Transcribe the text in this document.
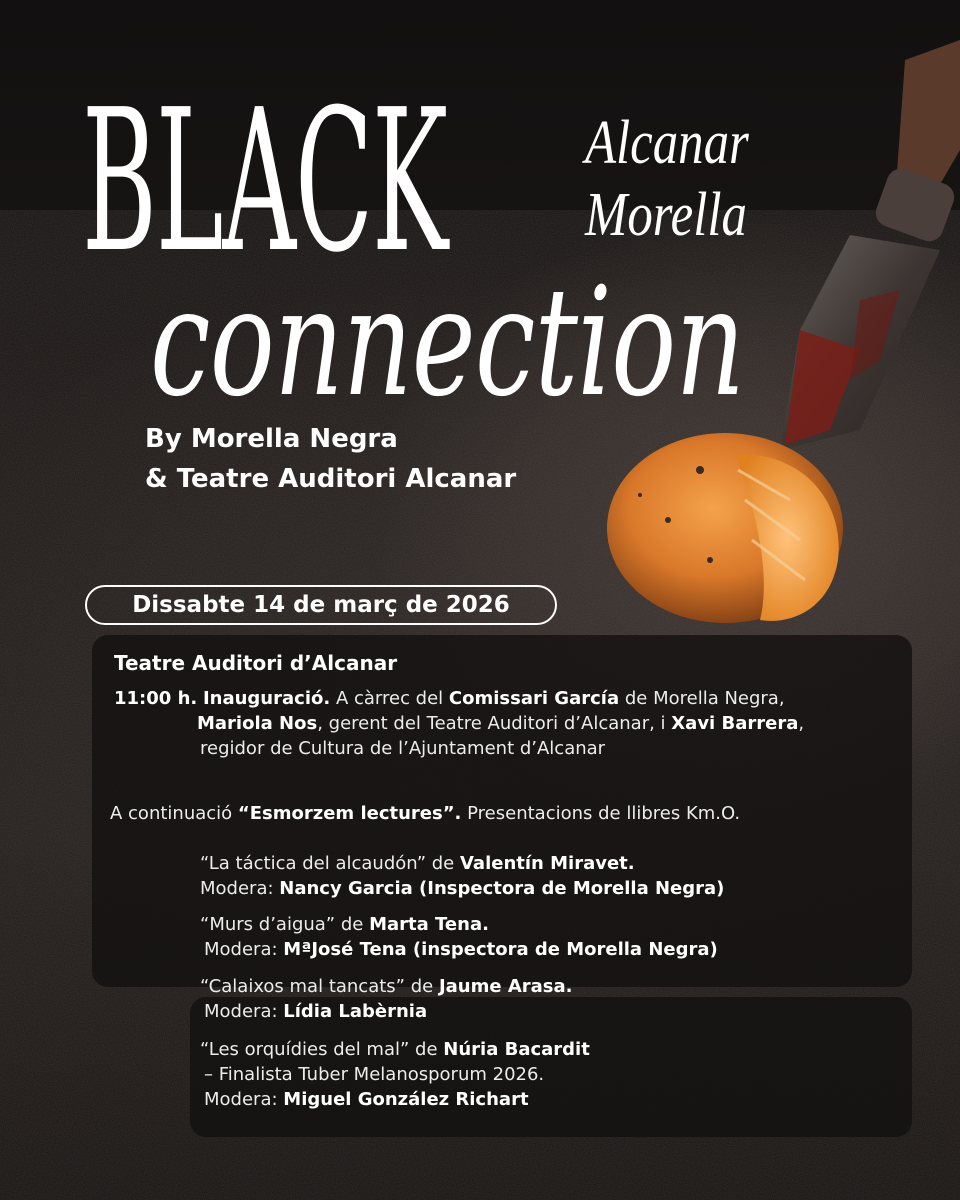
BLACK Alcanar
Morella
connection
By Morella Negra
& Teatre Auditori Alcanar
Dissabte 14 de març de 2026
Teatre Auditori d’Alcanar
11:00 h. Inauguració. A càrrec del Comissari García de Morella Negra,
Mariola Nos, gerent del Teatre Auditori d’Alcanar, i Xavi Barrera,
regidor de Cultura de l’Ajuntament d’Alcanar
A continuació “Esmorzem lectures”. Presentacions de llibres Km.O.
“La táctica del alcaudón” de Valentín Miravet.
Modera: Nancy Garcia (Inspectora de Morella Negra)
“Murs d’aigua” de Marta Tena.
Modera: MªJosé Tena (inspectora de Morella Negra)
“Calaixos mal tancats” de Jaume Arasa.
Modera: Lídia Labèrnia
“Les orquídies del mal” de Núria Bacardit
– Finalista Tuber Melanosporum 2026.
Modera: Miguel González Richart
